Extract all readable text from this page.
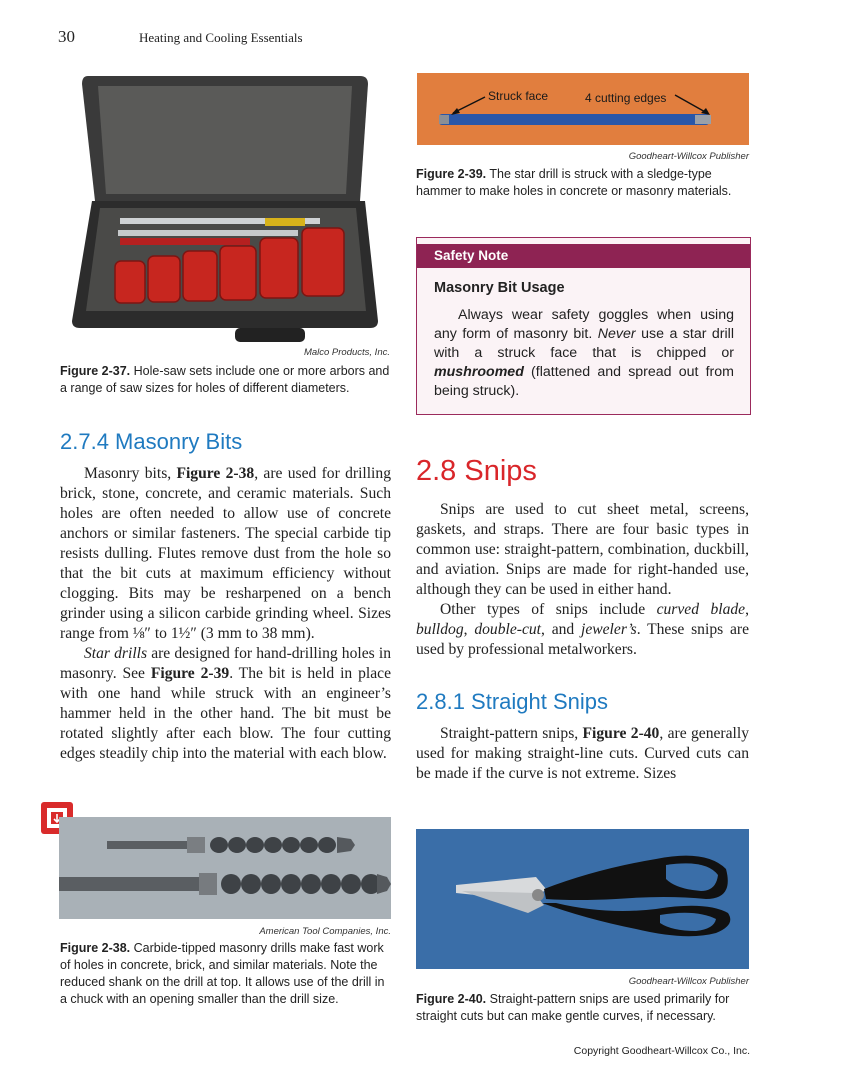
30	Heating and Cooling Essentials
Malco Products, Inc.
Figure 2-37. Hole-saw sets include one or more arbors and a range of saw sizes for holes of different diameters.
Struck face	4 cutting edges
Goodheart-Willcox Publisher
Figure 2-39. The star drill is struck with a sledge-type hammer to make holes in concrete or masonry materials.
Safety Note
Masonry Bit Usage
Always wear safety goggles when using any form of masonry bit. Never use a star drill with a struck face that is chipped or mushroomed (flattened and spread out from being struck).
2.7.4 Masonry Bits

Masonry bits, Figure 2-38, are used for drilling brick, stone, concrete, and ceramic materials. Such holes are often needed to allow use of concrete anchors or similar fasteners. The special carbide tip resists dulling. Flutes remove dust from the hole so that the bit cuts at maximum efficiency without clogging. Bits may be resharpened on a bench grinder using a silicon carbide grinding wheel. Sizes range from ⅛″ to 1½″ (3 mm to 38 mm).

Star drills are designed for hand-drilling holes in masonry. See Figure 2-39. The bit is held in place with one hand while struck with an engineer’s hammer held in the other hand. The bit must be rotated slightly after each blow. The four cutting edges steadily chip into the material with each blow.

2.8 Snips

Snips are used to cut sheet metal, screens, gaskets, and straps. There are four basic types in common use: straight-pattern, combination, duckbill, and aviation. Snips are made for right-handed use, although they can be used in either hand.

Other types of snips include curved blade, bulldog, double-cut, and jeweler’s. These snips are used by professional metalworkers.

2.8.1 Straight Snips

Straight-pattern snips, Figure 2-40, are generally used for making straight-line cuts. Curved cuts can be made if the curve is not extreme. Sizes

American Tool Companies, Inc.
Figure 2-38. Carbide-tipped masonry drills make fast work of holes in concrete, brick, and similar materials. Note the reduced shank on the drill at top. It allows use of the drill in a chuck with an opening smaller than the drill size.
Goodheart-Willcox Publisher
Figure 2-40. Straight-pattern snips are used primarily for straight cuts but can make gentle curves, if necessary.
Copyright Goodheart-Willcox Co., Inc.
